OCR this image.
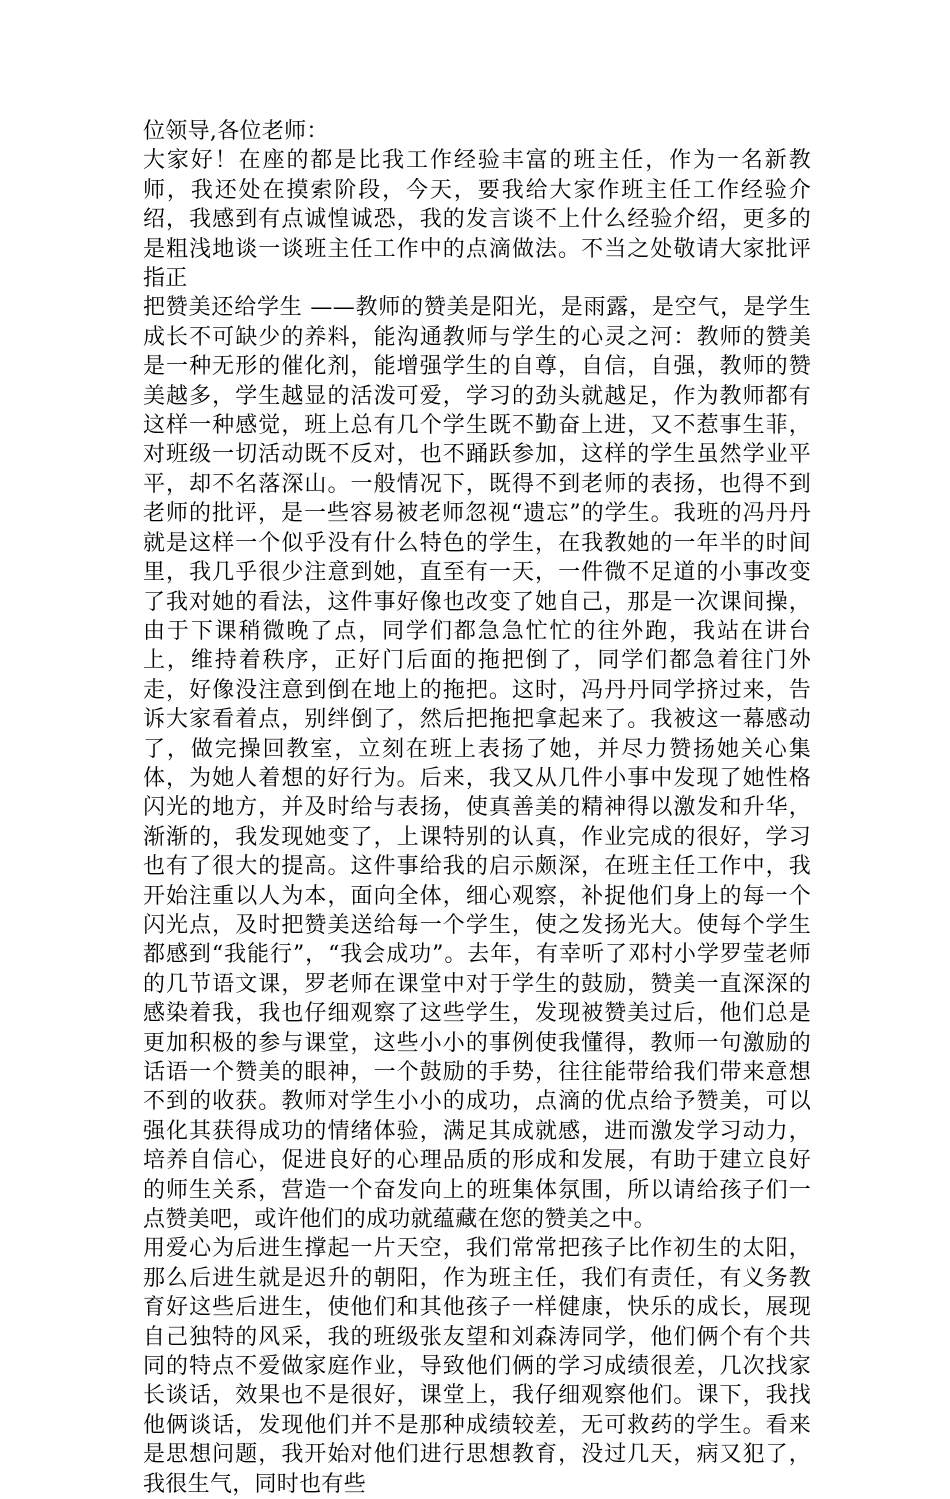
位领导,各位老师：

大家好！在座的都是比我工作经验丰富的班主任，作为一名新教师，我还处在摸索阶段，今天，要我给大家作班主任工作经验介绍，我感到有点诚惶诚恐，我的发言谈不上什么经验介绍，更多的是粗浅地谈一谈班主任工作中的点滴做法。不当之处敬请大家批评指正

把赞美还给学生 ——教师的赞美是阳光，是雨露，是空气，是学生成长不可缺少的养料，能沟通教师与学生的心灵之河：教师的赞美是一种无形的催化剂，能增强学生的自尊，自信，自强，教师的赞美越多，学生越显的活泼可爱，学习的劲头就越足，作为教师都有这样一种感觉，班上总有几个学生既不勤奋上进，又不惹事生菲，对班级一切活动既不反对，也不踊跃参加，这样的学生虽然学业平平，却不名落深山。一般情况下，既得不到老师的表扬，也得不到老师的批评，是一些容易被老师忽视“遗忘”的学生。我班的冯丹丹就是这样一个似乎没有什么特色的学生，在我教她的一年半的时间里，我几乎很少注意到她，直至有一天，一件微不足道的小事改变了我对她的看法，这件事好像也改变了她自己，那是一次课间操，由于下课稍微晚了点，同学们都急急忙忙的往外跑，我站在讲台上，维持着秩序，正好门后面的拖把倒了，同学们都急着往门外走，好像没注意到倒在地上的拖把。这时，冯丹丹同学挤过来，告诉大家看着点，别绊倒了，然后把拖把拿起来了。我被这一幕感动了，做完操回教室，立刻在班上表扬了她，并尽力赞扬她关心集体，为她人着想的好行为。后来，我又从几件小事中发现了她性格闪光的地方，并及时给与表扬，使真善美的精神得以激发和升华，渐渐的，我发现她变了，上课特别的认真，作业完成的很好，学习也有了很大的提高。这件事给我的启示颇深，在班主任工作中，我开始注重以人为本，面向全体，细心观察，补捉他们身上的每一个闪光点，及时把赞美送给每一个学生，使之发扬光大。使每个学生都感到“我能行”，“我会成功”。去年，有幸听了邓村小学罗莹老师的几节语文课，罗老师在课堂中对于学生的鼓励，赞美一直深深的感染着我，我也仔细观察了这些学生，发现被赞美过后，他们总是更加积极的参与课堂，这些小小的事例使我懂得，教师一句激励的话语一个赞美的眼神，一个鼓励的手势，往往能带给我们带来意想不到的收获。教师对学生小小的成功，点滴的优点给予赞美，可以强化其获得成功的情绪体验，满足其成就感，进而激发学习动力，培养自信心，促进良好的心理品质的形成和发展，有助于建立良好的师生关系，营造一个奋发向上的班集体氛围，所以请给孩子们一点赞美吧，或许他们的成功就蕴藏在您的赞美之中。

用爱心为后进生撑起一片天空，我们常常把孩子比作初生的太阳，那么后进生就是迟升的朝阳，作为班主任，我们有责任，有义务教育好这些后进生，使他们和其他孩子一样健康，快乐的成长，展现自己独特的风采，我的班级张友望和刘森涛同学，他们俩个有个共同的特点不爱做家庭作业，导致他们俩的学习成绩很差，几次找家长谈话，效果也不是很好，课堂上，我仔细观察他们。课下，我找他俩谈话，发现他们并不是那种成绩较差，无可救药的学生。看来是思想问题，我开始对他们进行思想教育，没过几天，病又犯了，我很生气，同时也有些
